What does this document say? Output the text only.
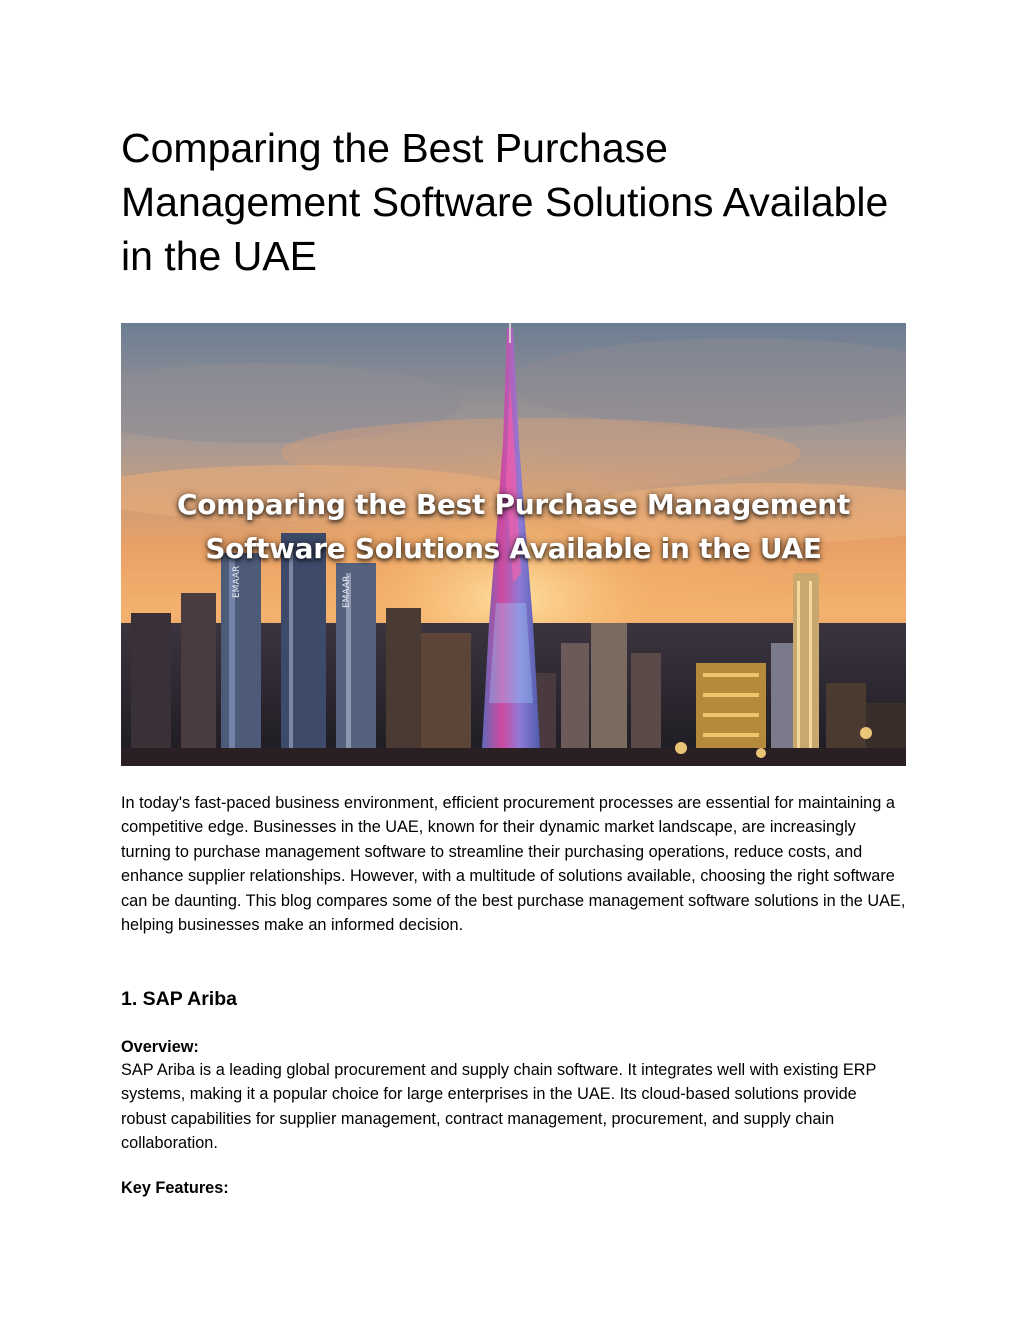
Comparing the Best Purchase Management Software Solutions Available in the UAE
EMAAR	EMAAR
Comparing the Best Purchase Management
Software Solutions Available in the UAE

In today's fast-paced business environment, efficient procurement processes are essential for maintaining a competitive edge. Businesses in the UAE, known for their dynamic market landscape, are increasingly turning to purchase management software to streamline their purchasing operations, reduce costs, and enhance supplier relationships. However, with a multitude of solutions available, choosing the right software can be daunting. This blog compares some of the best purchase management software solutions in the UAE, helping businesses make an informed decision.

1. SAP Ariba

Overview:

SAP Ariba is a leading global procurement and supply chain software. It integrates well with existing ERP systems, making it a popular choice for large enterprises in the UAE. Its cloud-based solutions provide robust capabilities for supplier management, contract management, procurement, and supply chain collaboration.

Key Features:
